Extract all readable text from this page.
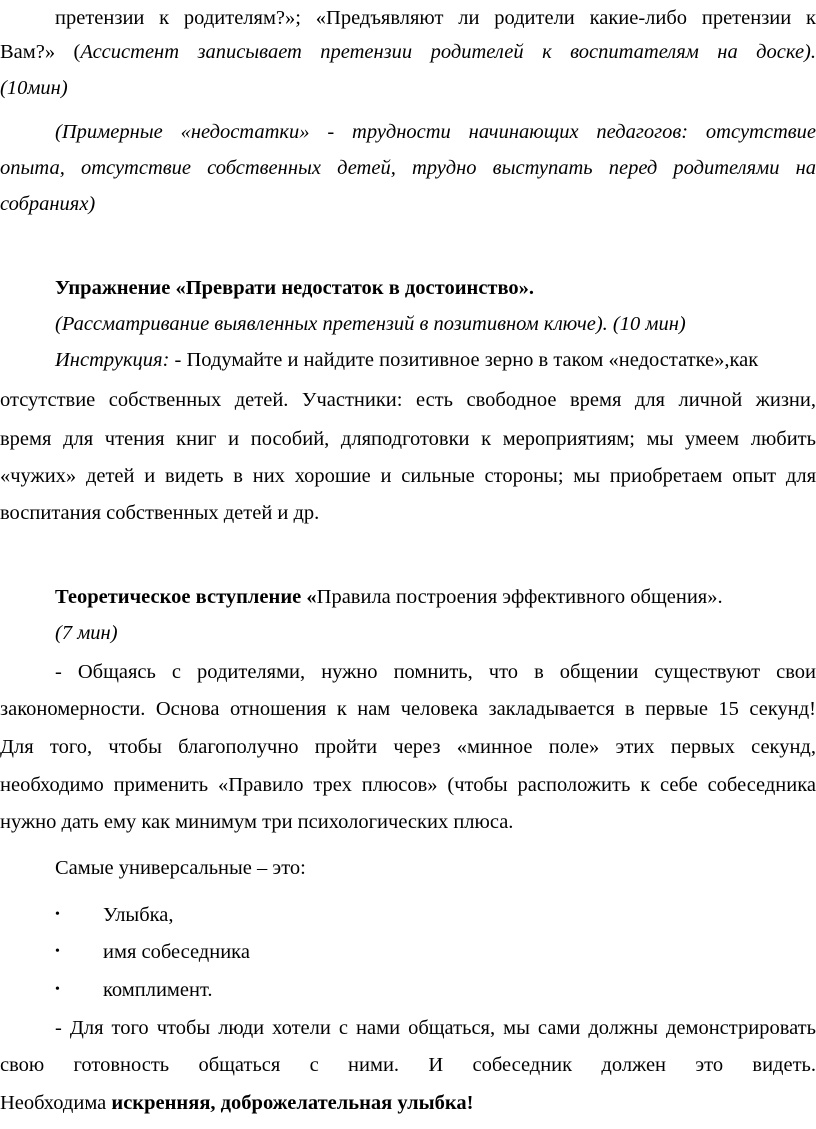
претензии к родителям?»; «Предъявляют ли родители какие-либо претензии к
Вам?» (Ассистент записывает претензии родителей к воспитателям на доске).
(10мин)
(Примерные «недостатки» - трудности начинающих педагогов: отсутствие
опыта, отсутствие собственных детей, трудно выступать перед родителями на
собраниях)
Упражнение «Преврати недостаток в достоинство».
(Рассматривание выявленных претензий в позитивном ключе). (10 мин)
Инструкция: - Подумайте и найдите позитивное зерно в таком «недостатке»,как
отсутствие собственных детей. Участники: есть свободное время для личной жизни,
время для чтения книг и пособий, дляподготовки к мероприятиям; мы умеем любить
«чужих» детей и видеть в них хорошие и сильные стороны; мы приобретаем опыт для
воспитания собственных детей и др.
Теоретическое вступление «Правила построения эффективного общения».
(7 мин)
- Общаясь с родителями, нужно помнить, что в общении существуют свои
закономерности. Основа отношения к нам человека закладывается в первые 15 секунд!
Для того, чтобы благополучно пройти через «минное поле» этих первых секунд,
необходимо применить «Правило трех плюсов» (чтобы расположить к себе собеседника
нужно дать ему как минимум три психологических плюса.
Самые универсальные – это:
• Улыбка,
• имя собеседника
• комплимент.
- Для того чтобы люди хотели с нами общаться, мы сами должны демонстрировать
свою готовность общаться с ними. И собеседник должен это видеть.
Необходима искренняя, доброжелательная улыбка!
